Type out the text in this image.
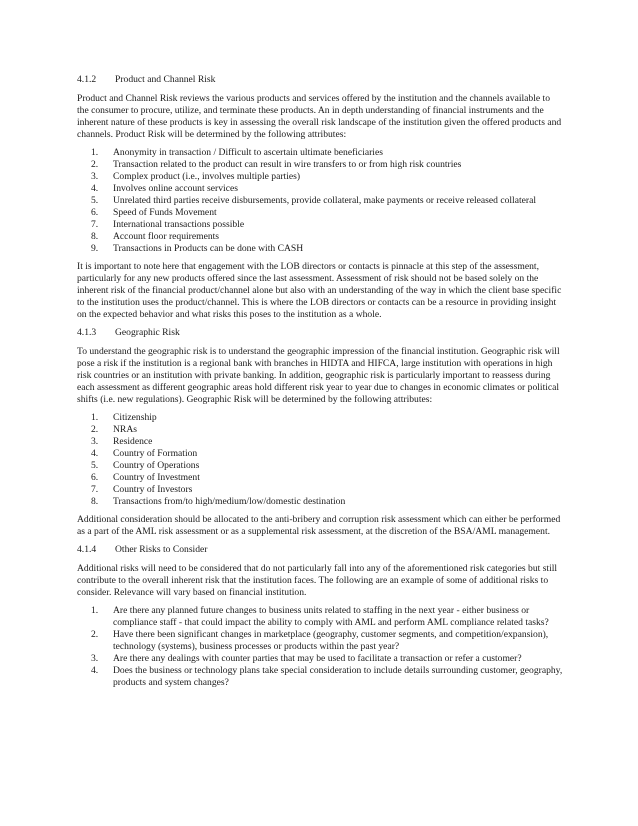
4.1.2	Product and Channel Risk

Product and Channel Risk reviews the various products and services offered by the institution and the channels available to the consumer to procure, utilize, and terminate these products. An in depth understanding of financial instruments and the inherent nature of these products is key in assessing the overall risk landscape of the institution given the offered products and channels. Product Risk will be determined by the following attributes:

1.	Anonymity in transaction / Difficult to ascertain ultimate beneficiaries
2.	Transaction related to the product can result in wire transfers to or from high risk countries
3.	Complex product (i.e., involves multiple parties)
4.	Involves online account services
5.	Unrelated third parties receive disbursements, provide collateral, make payments or receive released collateral
6.	Speed of Funds Movement
7.	International transactions possible
8.	Account floor requirements
9.	Transactions in Products can be done with CASH

It is important to note here that engagement with the LOB directors or contacts is pinnacle at this step of the assessment, particularly for any new products offered since the last assessment. Assessment of risk should not be based solely on the inherent risk of the financial product/channel alone but also with an understanding of the way in which the client base specific to the institution uses the product/channel. This is where the LOB directors or contacts can be a resource in providing insight on the expected behavior and what risks this poses to the institution as a whole.

4.1.3	Geographic Risk

To understand the geographic risk is to understand the geographic impression of the financial institution. Geographic risk will pose a risk if the institution is a regional bank with branches in HIDTA and HIFCA, large institution with operations in high risk countries or an institution with private banking. In addition, geographic risk is particularly important to reassess during each assessment as different geographic areas hold different risk year to year due to changes in economic climates or political shifts (i.e. new regulations). Geographic Risk will be determined by the following attributes:

1.	Citizenship
2.	NRAs
3.	Residence
4.	Country of Formation
5.	Country of Operations
6.	Country of Investment
7.	Country of Investors
8.	Transactions from/to high/medium/low/domestic destination

Additional consideration should be allocated to the anti-bribery and corruption risk assessment which can either be performed as a part of the AML risk assessment or as a supplemental risk assessment, at the discretion of the BSA/AML management.

4.1.4	Other Risks to Consider

Additional risks will need to be considered that do not particularly fall into any of the aforementioned risk categories but still contribute to the overall inherent risk that the institution faces. The following are an example of some of additional risks to consider. Relevance will vary based on financial institution.

1.	Are there any planned future changes to business units related to staffing in the next year - either business or compliance staff - that could impact the ability to comply with AML and perform AML compliance related tasks?
2.	Have there been significant changes in marketplace (geography, customer segments, and competition/expansion), technology (systems), business processes or products within the past year?
3.	Are there any dealings with counter parties that may be used to facilitate a transaction or refer a customer?
4.	Does the business or technology plans take special consideration to include details surrounding customer, geography, products and system changes?
